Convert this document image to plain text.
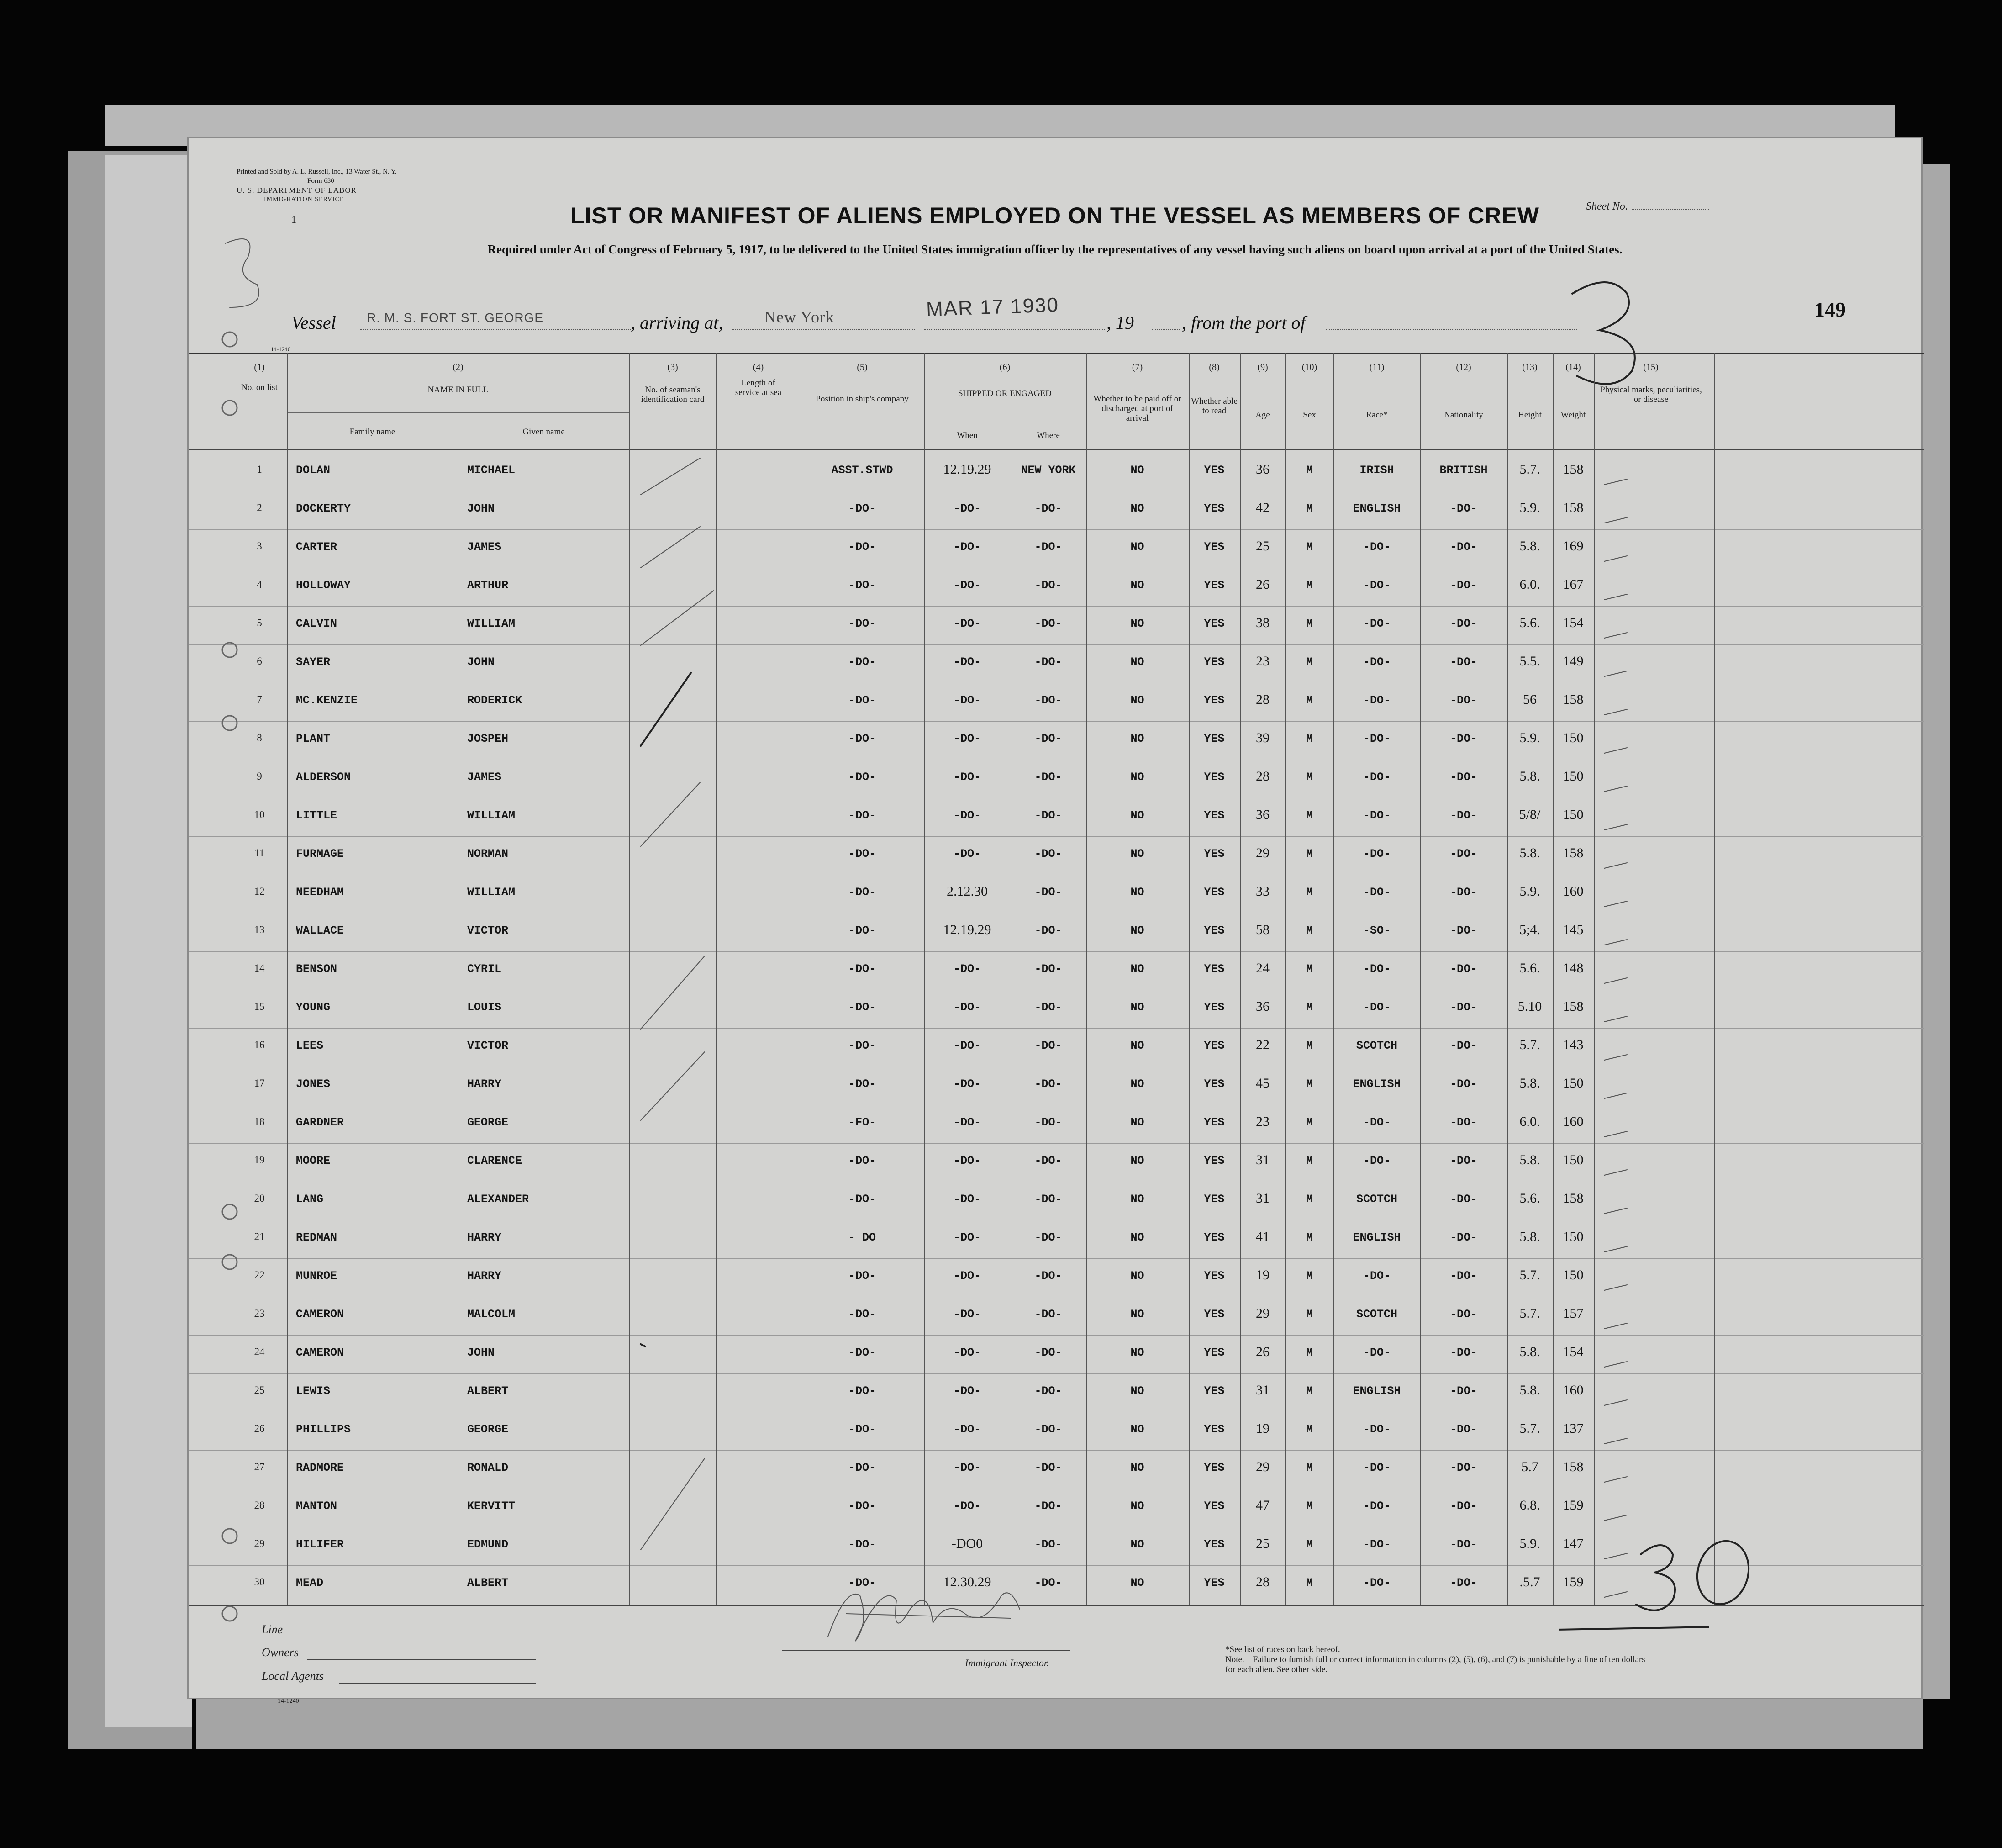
Printed and Sold by A. L. Russell, Inc., 13 Water St., N. Y.
Form 630
U. S. DEPARTMENT OF LABOR
IMMIGRATION SERVICE
1	LIST OR MANIFEST OF ALIENS EMPLOYED ON THE VESSEL AS MEMBERS OF CREW
Required under Act of Congress of February 5, 1917, to be delivered to the United States immigration officer by the representatives of any vessel having such aliens on board upon arrival at a port of the United States.
Sheet No.
Vessel R. M. S. FORT ST. GEORGE	, arriving at, New York	MAR 17 1930
, 19	, from the port of
149
14-1240
(1)
No. on list
(2)
NAME IN FULL
Family name	Given name
(3)
No. of seaman's identification card
(4)
Length of service at sea
(5)
Position in ship's company
(6)
SHIPPED OR ENGAGED
When	Where
(7)
Whether to be paid off or discharged at port of arrival
(8)
Whether able to read
(9)
Age
(10)
Sex
(11)
Race*
(12)
Nationality
(13)
Height
(14)
Weight
(15)
Physical marks, peculiarities, or disease
1	DOLAN	MICHAEL	ASST.STWD	12.19.29	NEW YORK	NO	YES	36	M	IRISH	BRITISH	5.7.	158
2	DOCKERTY	JOHN	-DO-	-DO-	-DO-	NO	YES	42	M	ENGLISH	-DO-	5.9.	158
3	CARTER	JAMES	-DO-	-DO-	-DO-	NO	YES	25	M	-DO-	-DO-	5.8.	169
4	HOLLOWAY	ARTHUR	-DO-	-DO-	-DO-	NO	YES	26	M	-DO-	-DO-	6.0.	167
5	CALVIN	WILLIAM	-DO-	-DO-	-DO-	NO	YES	38	M	-DO-	-DO-	5.6.	154
6	SAYER	JOHN	-DO-	-DO-	-DO-	NO	YES	23	M	-DO-	-DO-	5.5.	149
7	MC.KENZIE	RODERICK	-DO-	-DO-	-DO-	NO	YES	28	M	-DO-	-DO-	56	158
8	PLANT	JOSPEH	-DO-	-DO-	-DO-	NO	YES	39	M	-DO-	-DO-	5.9.	150
9	ALDERSON	JAMES	-DO-	-DO-	-DO-	NO	YES	28	M	-DO-	-DO-	5.8.	150
10	LITTLE	WILLIAM	-DO-	-DO-	-DO-	NO	YES	36	M	-DO-	-DO-	5/8/	150
11	FURMAGE	NORMAN	-DO-	-DO-	-DO-	NO	YES	29	M	-DO-	-DO-	5.8.	158
12	NEEDHAM	WILLIAM	-DO-	2.12.30	-DO-	NO	YES	33	M	-DO-	-DO-	5.9.	160
13	WALLACE	VICTOR	-DO-	12.19.29	-DO-	NO	YES	58	M	-SO-	-DO-	5;4.	145
14	BENSON	CYRIL	-DO-	-DO-	-DO-	NO	YES	24	M	-DO-	-DO-	5.6.	148
15	YOUNG	LOUIS	-DO-	-DO-	-DO-	NO	YES	36	M	-DO-	-DO-	5.10	158
16	LEES	VICTOR	-DO-	-DO-	-DO-	NO	YES	22	M	SCOTCH	-DO-	5.7.	143
17	JONES	HARRY	-DO-	-DO-	-DO-	NO	YES	45	M	ENGLISH	-DO-	5.8.	150
18	GARDNER	GEORGE	-FO-	-DO-	-DO-	NO	YES	23	M	-DO-	-DO-	6.0.	160
19	MOORE	CLARENCE	-DO-	-DO-	-DO-	NO	YES	31	M	-DO-	-DO-	5.8.	150
20	LANG	ALEXANDER	-DO-	-DO-	-DO-	NO	YES	31	M	SCOTCH	-DO-	5.6.	158
21	REDMAN	HARRY	- DO	-DO-	-DO-	NO	YES	41	M	ENGLISH	-DO-	5.8.	150
22	MUNROE	HARRY	-DO-	-DO-	-DO-	NO	YES	19	M	-DO-	-DO-	5.7.	150
23	CAMERON	MALCOLM	-DO-	-DO-	-DO-	NO	YES	29	M	SCOTCH	-DO-	5.7.	157
24	CAMERON	JOHN	-DO-	-DO-	-DO-	NO	YES	26	M	-DO-	-DO-	5.8.	154
25	LEWIS	ALBERT	-DO-	-DO-	-DO-	NO	YES	31	M	ENGLISH	-DO-	5.8.	160
26	PHILLIPS	GEORGE	-DO-	-DO-	-DO-	NO	YES	19	M	-DO-	-DO-	5.7.	137
27	RADMORE	RONALD	-DO-	-DO-	-DO-	NO	YES	29	M	-DO-	-DO-	5.7	158
28	MANTON	KERVITT	-DO-	-DO-	-DO-	NO	YES	47	M	-DO-	-DO-	6.8.	159
29	HILIFER	EDMUND	-DO-	-DO0	-DO-	NO	YES	25	M	-DO-	-DO-	5.9.	147
30	MEAD	ALBERT	-DO-	12.30.29	-DO-	NO	YES	28	M	-DO-	-DO-	.5.7	159
Line
Owners
Local Agents
14-1240
Immigrant Inspector.
*See list of races on back hereof.
Note.—Failure to furnish full or correct information in columns (2), (5), (6), and (7) is punishable by a fine of ten dollars for each alien. See other side.
